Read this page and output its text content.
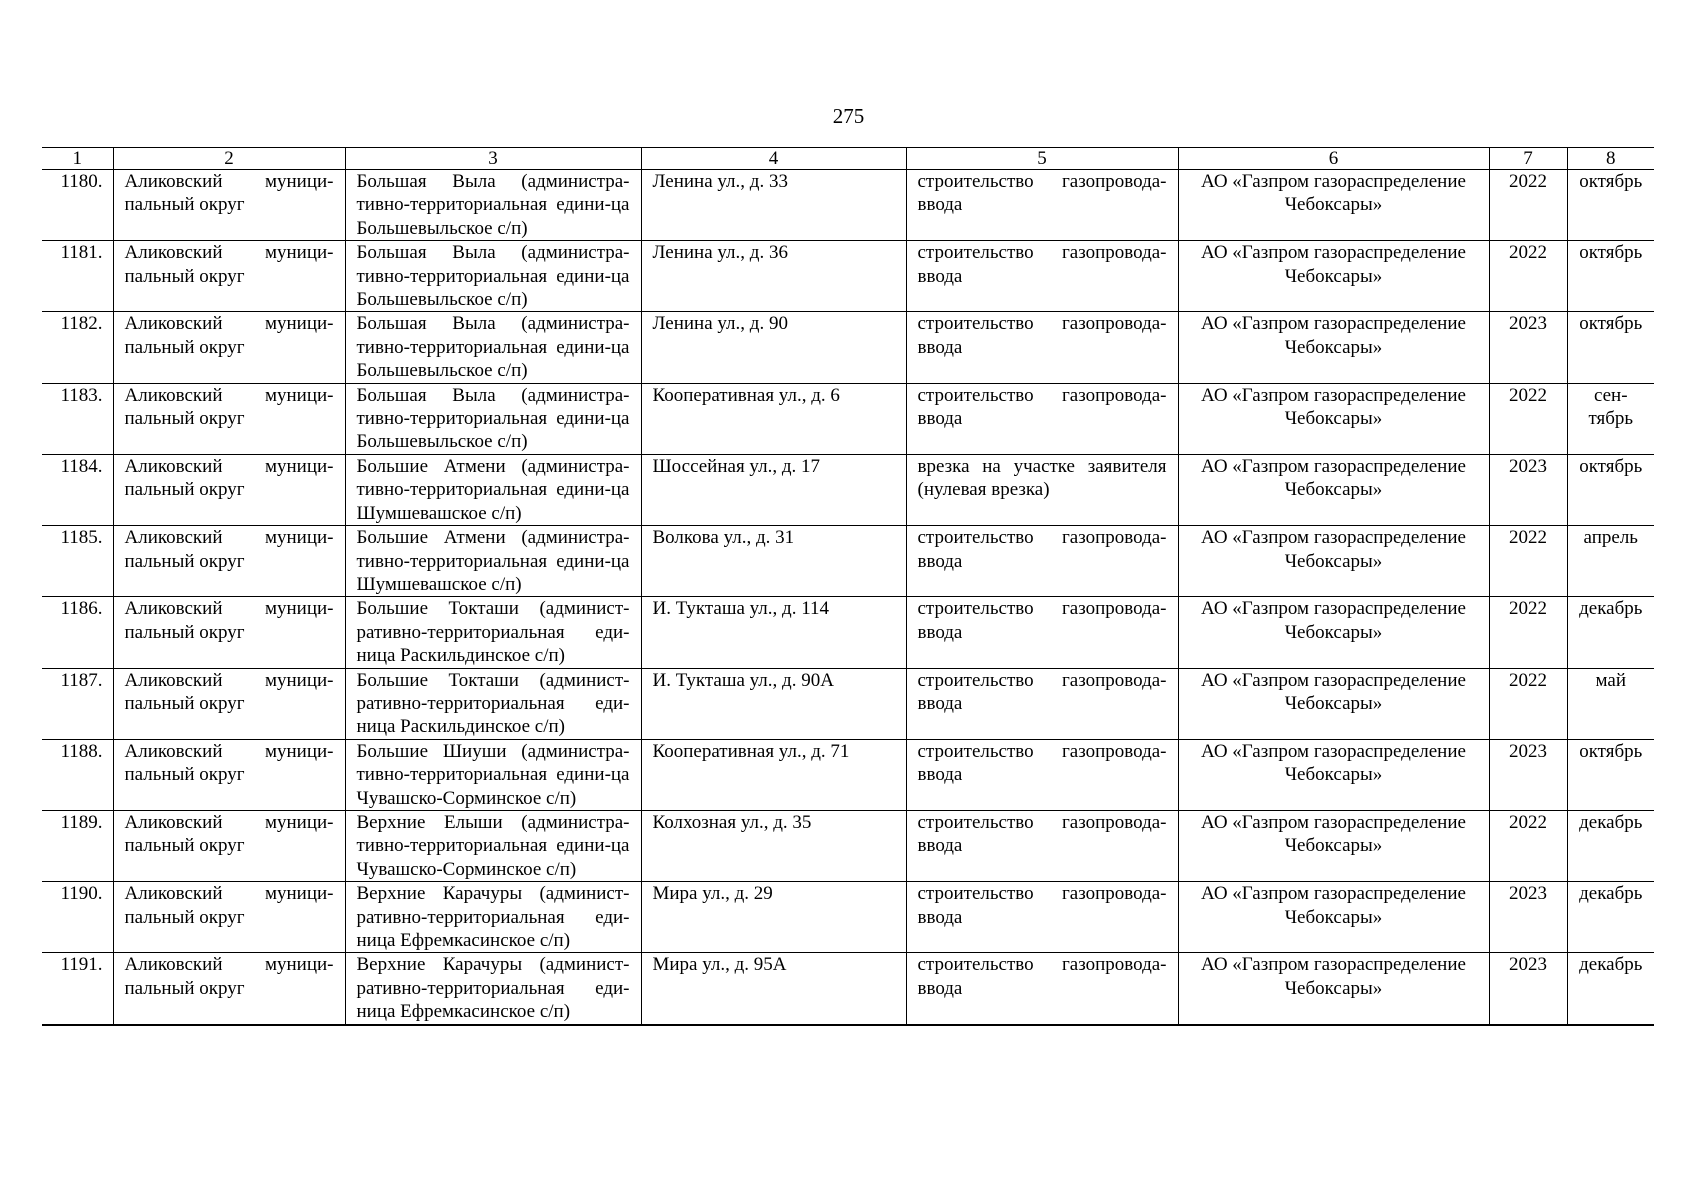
275
1	2	3	4	5	6	7	8

1180.	Аликовский муници-пальный округ	Большая Выла (администра-тивно-территориальная едини-ца Большевыльское с/п)	Ленина ул., д. 33	строительство газопровода-ввода	АО «Газпром газораспределение Чебоксары»	2022	октябрь

1181.	Аликовский муници-пальный округ	Большая Выла (администра-тивно-территориальная едини-ца Большевыльское с/п)	Ленина ул., д. 36	строительство газопровода-ввода	АО «Газпром газораспределение Чебоксары»	2022	октябрь

1182.	Аликовский муници-пальный округ	Большая Выла (администра-тивно-территориальная едини-ца Большевыльское с/п)	Ленина ул., д. 90	строительство газопровода-ввода	АО «Газпром газораспределение Чебоксары»	2023	октябрь

1183.	Аликовский муници-пальный округ	Большая Выла (администра-тивно-территориальная едини-ца Большевыльское с/п)	Кооперативная ул., д. 6	строительство газопровода-ввода	АО «Газпром газораспределение Чебоксары»	2022	сен-тябрь

1184.	Аликовский муници-пальный округ	Большие Атмени (администра-тивно-территориальная едини-ца Шумшевашское с/п)	Шоссейная ул., д. 17	врезка на участке заявителя (нулевая врезка)	АО «Газпром газораспределение Чебоксары»	2023	октябрь

1185.	Аликовский муници-пальный округ	Большие Атмени (администра-тивно-территориальная едини-ца Шумшевашское с/п)	Волкова ул., д. 31	строительство газопровода-ввода	АО «Газпром газораспределение Чебоксары»	2022	апрель

1186.	Аликовский муници-пальный округ	Большие Токташи (админист-ративно-территориальная еди-ница Раскильдинское с/п)	И. Тукташа ул., д. 114	строительство газопровода-ввода	АО «Газпром газораспределение Чебоксары»	2022	декабрь

1187.	Аликовский муници-пальный округ	Большие Токташи (админист-ративно-территориальная еди-ница Раскильдинское с/п)	И. Тукташа ул., д. 90А	строительство газопровода-ввода	АО «Газпром газораспределение Чебоксары»	2022	май

1188.	Аликовский муници-пальный округ	Большие Шиуши (администра-тивно-территориальная едини-ца Чувашско-Сорминское с/п)	Кооперативная ул., д. 71	строительство газопровода-ввода	АО «Газпром газораспределение Чебоксары»	2023	октябрь

1189.	Аликовский муници-пальный округ	Верхние Елыши (администра-тивно-территориальная едини-ца Чувашско-Сорминское с/п)	Колхозная ул., д. 35	строительство газопровода-ввода	АО «Газпром газораспределение Чебоксары»	2022	декабрь

1190.	Аликовский муници-пальный округ	Верхние Карачуры (админист-ративно-территориальная еди-ница Ефремкасинское с/п)	Мира ул., д. 29	строительство газопровода-ввода	АО «Газпром газораспределение Чебоксары»	2023	декабрь

1191.	Аликовский муници-пальный округ	Верхние Карачуры (админист-ративно-территориальная еди-ница Ефремкасинское с/п)	Мира ул., д. 95А	строительство газопровода-ввода	АО «Газпром газораспределение Чебоксары»	2023	декабрь
